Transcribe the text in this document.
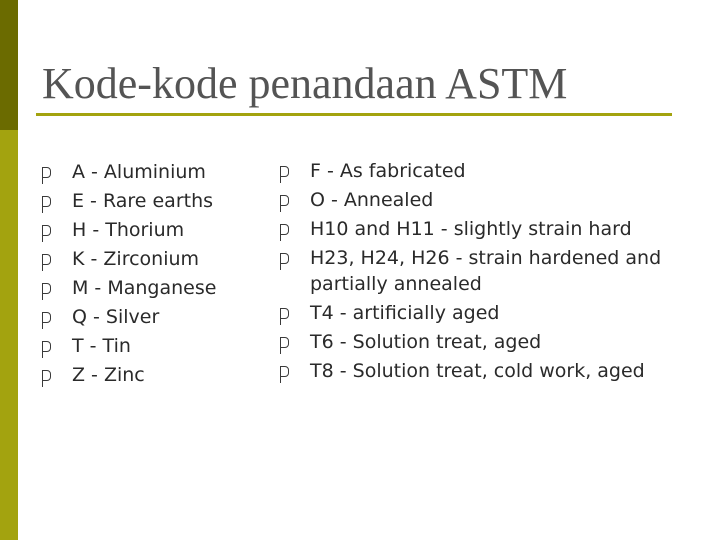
Kode-kode penandaan ASTM
A - Aluminium
E - Rare earths
H - Thorium
K - Zirconium
M - Manganese
Q - Silver
T - Tin
Z - Zinc
F - As fabricated
O - Annealed
H10 and H11 - slightly strain hard
H23, H24, H26 - strain hardened and partially annealed
T4 - artificially aged
T6 - Solution treat, aged
T8 - Solution treat, cold work, aged
